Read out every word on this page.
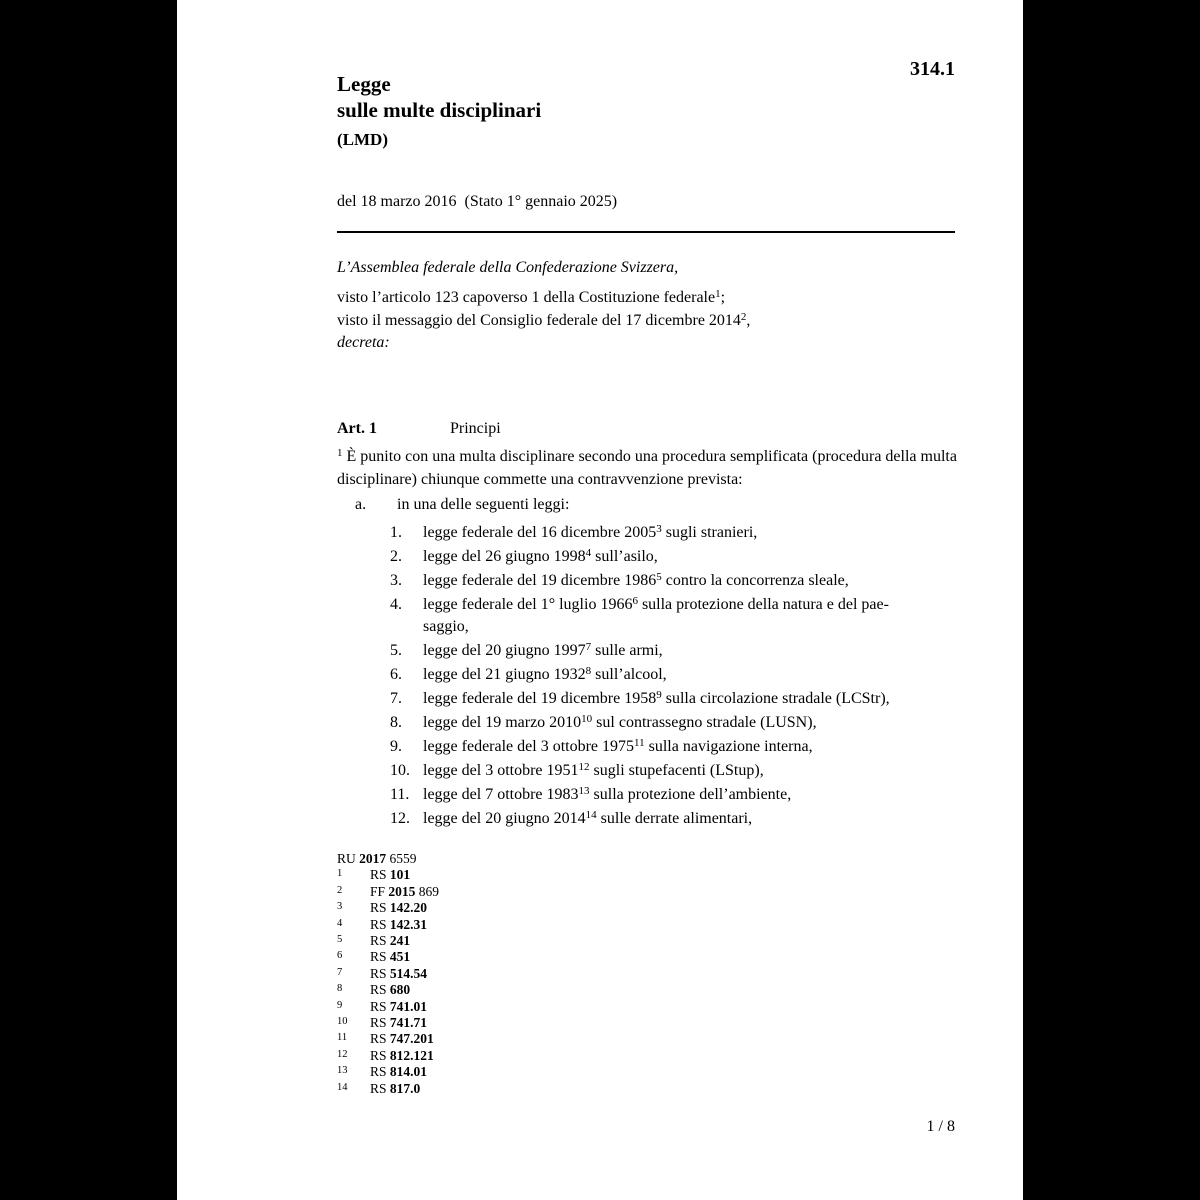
314.1
Legge
sulle multe disciplinari
(LMD)
del 18 marzo 2016  (Stato 1° gennaio 2025)
L’Assemblea federale della Confederazione Svizzera,
visto l’articolo 123 capoverso 1 della Costituzione federale$^1$;
visto il messaggio del Consiglio federale del 17 dicembre 2014$^2$,
decreta:
Art. 1	Principi
$^1$ È punito con una multa disciplinare secondo una procedura semplificata (procedura della multa disciplinare) chiunque commette una contravvenzione prevista:
a. in una delle seguenti leggi:
1. legge federale del 16 dicembre 2005$^3$ sugli stranieri,
2. legge del 26 giugno 1998$^4$ sull’asilo,
3. legge federale del 19 dicembre 1986$^5$ contro la concorrenza sleale,
4. legge federale del 1° luglio 1966$^6$ sulla protezione della natura e del pae-
saggio,
5. legge del 20 giugno 1997$^7$ sulle armi,
6. legge del 21 giugno 1932$^8$ sull’alcool,
7. legge federale del 19 dicembre 1958$^9$ sulla circolazione stradale (LCStr),
8. legge del 19 marzo 2010$^{10}$ sul contrassegno stradale (LUSN),
9. legge federale del 3 ottobre 1975$^{11}$ sulla navigazione interna,
10. legge del 3 ottobre 1951$^{12}$ sugli stupefacenti (LStup),
11. legge del 7 ottobre 1983$^{13}$ sulla protezione dell’ambiente,
12. legge del 20 giugno 2014$^{14}$ sulle derrate alimentari,
RU 2017 6559
1 RS 101
2 FF 2015 869
3 RS 142.20
4 RS 142.31
5 RS 241
6 RS 451
7 RS 514.54
8 RS 680
9 RS 741.01
10 RS 741.71
11 RS 747.201
12 RS 812.121
13 RS 814.01
14 RS 817.0
1 / 8
